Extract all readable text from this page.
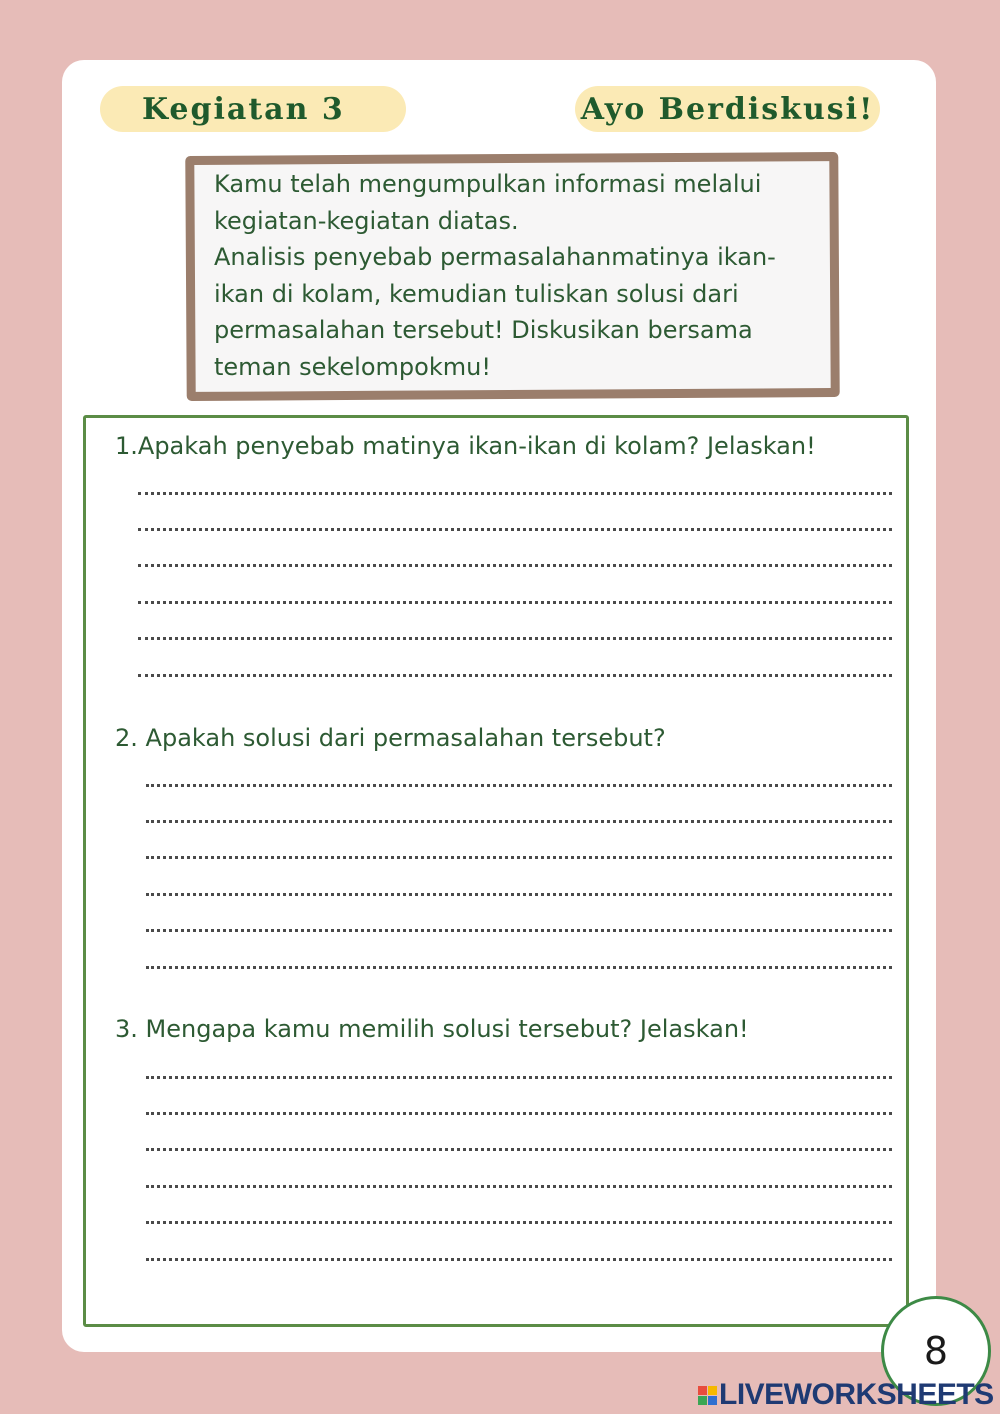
Kegiatan 3	Ayo Berdiskusi!

Kamu telah mengumpulkan informasi melalui kegiatan-kegiatan diatas.

Analisis penyebab permasalahanmatinya ikan-ikan di kolam, kemudian tuliskan solusi dari permasalahan tersebut! Diskusikan bersama teman sekelompokmu!

1.Apakah penyebab matinya ikan-ikan di kolam? Jelaskan!
2. Apakah solusi dari permasalahan tersebut?
3. Mengapa kamu memilih solusi tersebut? Jelaskan!
8
LIVEWORKSHEETS
